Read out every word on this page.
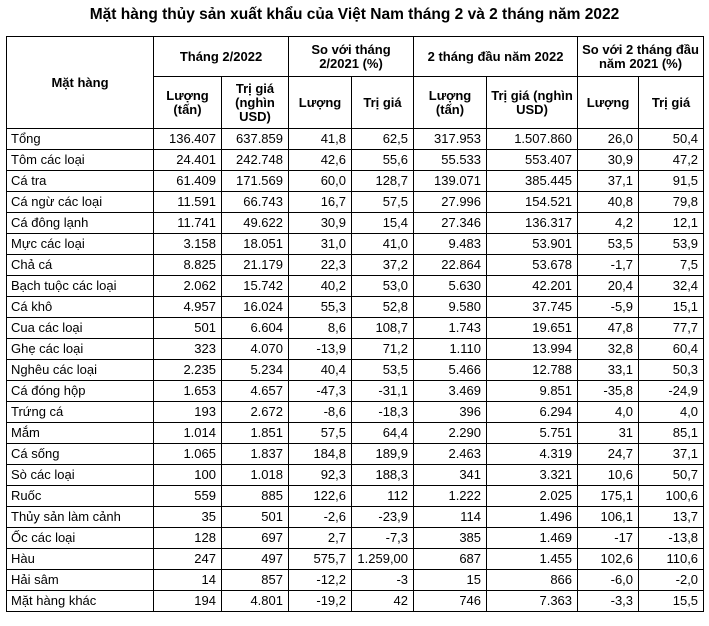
Mặt hàng thủy sản xuất khẩu của Việt Nam tháng 2 và 2 tháng năm 2022
Mặt hàng	Tháng 2/2022		So với tháng 2/2021 (%)		2 tháng đầu năm 2022		So với 2 tháng đầu năm 2021 (%)	
	Lượng (tấn)	Trị giá (nghìn USD)	Lượng	Trị giá	Lượng (tấn)	Trị giá (nghìn USD)	Lượng	Trị giá
Tổng	136.407	637.859	41,8	62,5	317.953	1.507.860	26,0	50,4
Tôm các loại	24.401	242.748	42,6	55,6	55.533	553.407	30,9	47,2
Cá tra	61.409	171.569	60,0	128,7	139.071	385.445	37,1	91,5
Cá ngừ các loại	11.591	66.743	16,7	57,5	27.996	154.521	40,8	79,8
Cá đông lạnh	11.741	49.622	30,9	15,4	27.346	136.317	4,2	12,1
Mực các loại	3.158	18.051	31,0	41,0	9.483	53.901	53,5	53,9
Chả cá	8.825	21.179	22,3	37,2	22.864	53.678	-1,7	7,5
Bạch tuộc các loại	2.062	15.742	40,2	53,0	5.630	42.201	20,4	32,4
Cá khô	4.957	16.024	55,3	52,8	9.580	37.745	-5,9	15,1
Cua các loại	501	6.604	8,6	108,7	1.743	19.651	47,8	77,7
Ghẹ các loại	323	4.070	-13,9	71,2	1.110	13.994	32,8	60,4
Nghêu các loại	2.235	5.234	40,4	53,5	5.466	12.788	33,1	50,3
Cá đóng hộp	1.653	4.657	-47,3	-31,1	3.469	9.851	-35,8	-24,9
Trứng cá	193	2.672	-8,6	-18,3	396	6.294	4,0	4,0
Mắm	1.014	1.851	57,5	64,4	2.290	5.751	31	85,1
Cá sống	1.065	1.837	184,8	189,9	2.463	4.319	24,7	37,1
Sò các loại	100	1.018	92,3	188,3	341	3.321	10,6	50,7
Ruốc	559	885	122,6	112	1.222	2.025	175,1	100,6
Thủy sản làm cảnh	35	501	-2,6	-23,9	114	1.496	106,1	13,7
Ốc các loại	128	697	2,7	-7,3	385	1.469	-17	-13,8
Hàu	247	497	575,7	1.259,00	687	1.455	102,6	110,6
Hải sâm	14	857	-12,2	-3	15	866	-6,0	-2,0
Mặt hàng khác	194	4.801	-19,2	42	746	7.363	-3,3	15,5
